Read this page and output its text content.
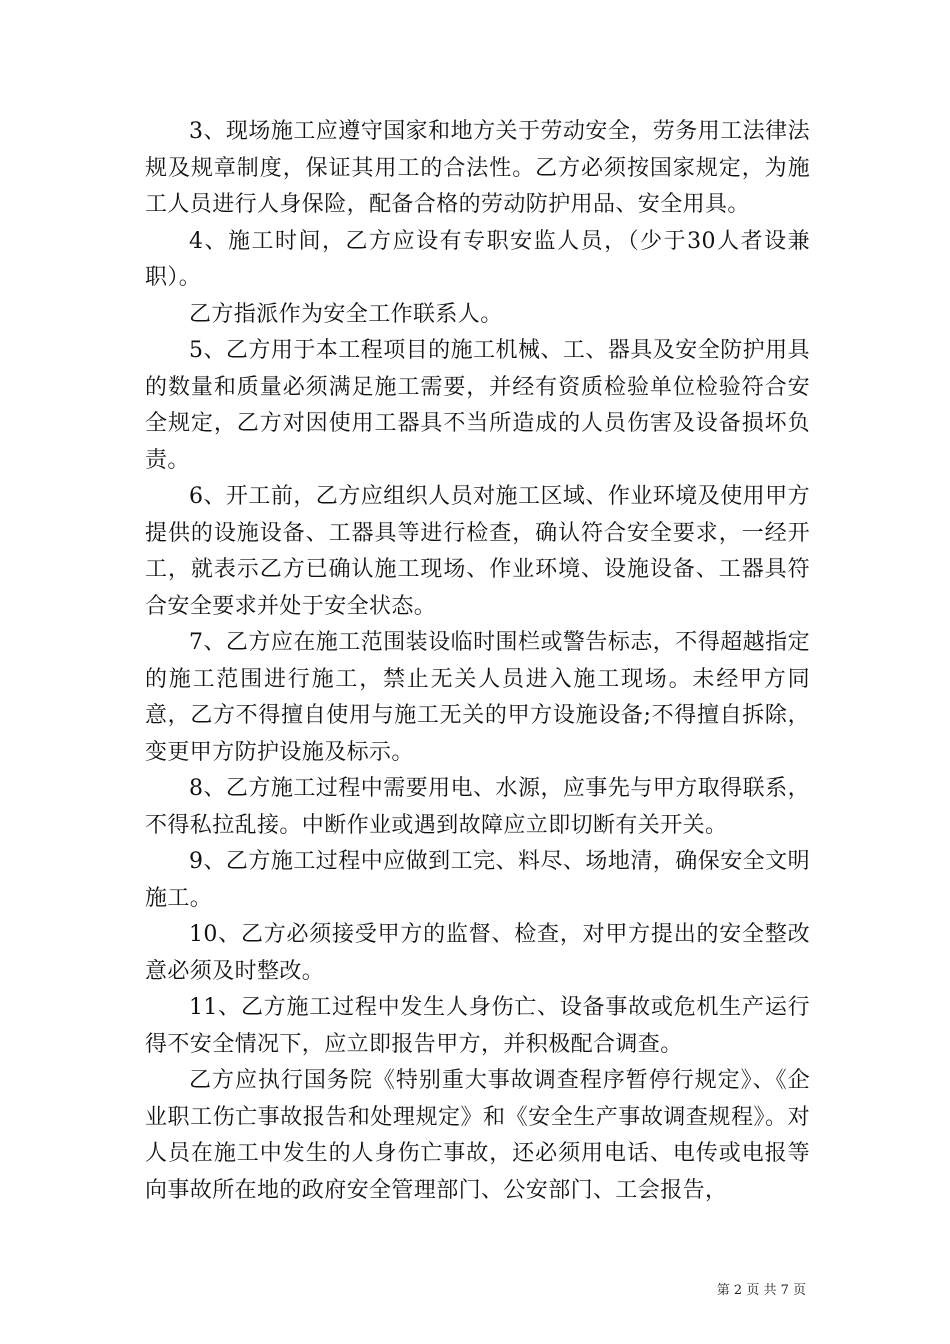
3、现场施工应遵守国家和地方关于劳动安全，劳务用工法律法规及规章制度，保证其用工的合法性。乙方必须按国家规定，为施工人员进行人身保险，配备合格的劳动防护用品、安全用具。

4、施工时间，乙方应设有专职安监人员，（少于30人者设兼职）。

乙方指派作为安全工作联系人。

5、乙方用于本工程项目的施工机械、工、器具及安全防护用具的数量和质量必须满足施工需要，并经有资质检验单位检验符合安全规定，乙方对因使用工器具不当所造成的人员伤害及设备损坏负责。

6、开工前，乙方应组织人员对施工区域、作业环境及使用甲方提供的设施设备、工器具等进行检查，确认符合安全要求，一经开工，就表示乙方已确认施工现场、作业环境、设施设备、工器具符合安全要求并处于安全状态。

7、乙方应在施工范围装设临时围栏或警告标志，不得超越指定的施工范围进行施工，禁止无关人员进入施工现场。未经甲方同意，乙方不得擅自使用与施工无关的甲方设施设备;不得擅自拆除，变更甲方防护设施及标示。

8、乙方施工过程中需要用电、水源，应事先与甲方取得联系，不得私拉乱接。中断作业或遇到故障应立即切断有关开关。

9、乙方施工过程中应做到工完、料尽、场地清，确保安全文明施工。

10、乙方必须接受甲方的监督、检查，对甲方提出的安全整改意必须及时整改。

11、乙方施工过程中发生人身伤亡、设备事故或危机生产运行得不安全情况下，应立即报告甲方，并积极配合调查。

乙方应执行国务院《特别重大事故调查程序暂停行规定》、《企业职工伤亡事故报告和处理规定》和《安全生产事故调查规程》。对人员在施工中发生的人身伤亡事故，还必须用电话、电传或电报等向事故所在地的政府安全管理部门、公安部门、工会报告，

第 2 页 共 7 页
